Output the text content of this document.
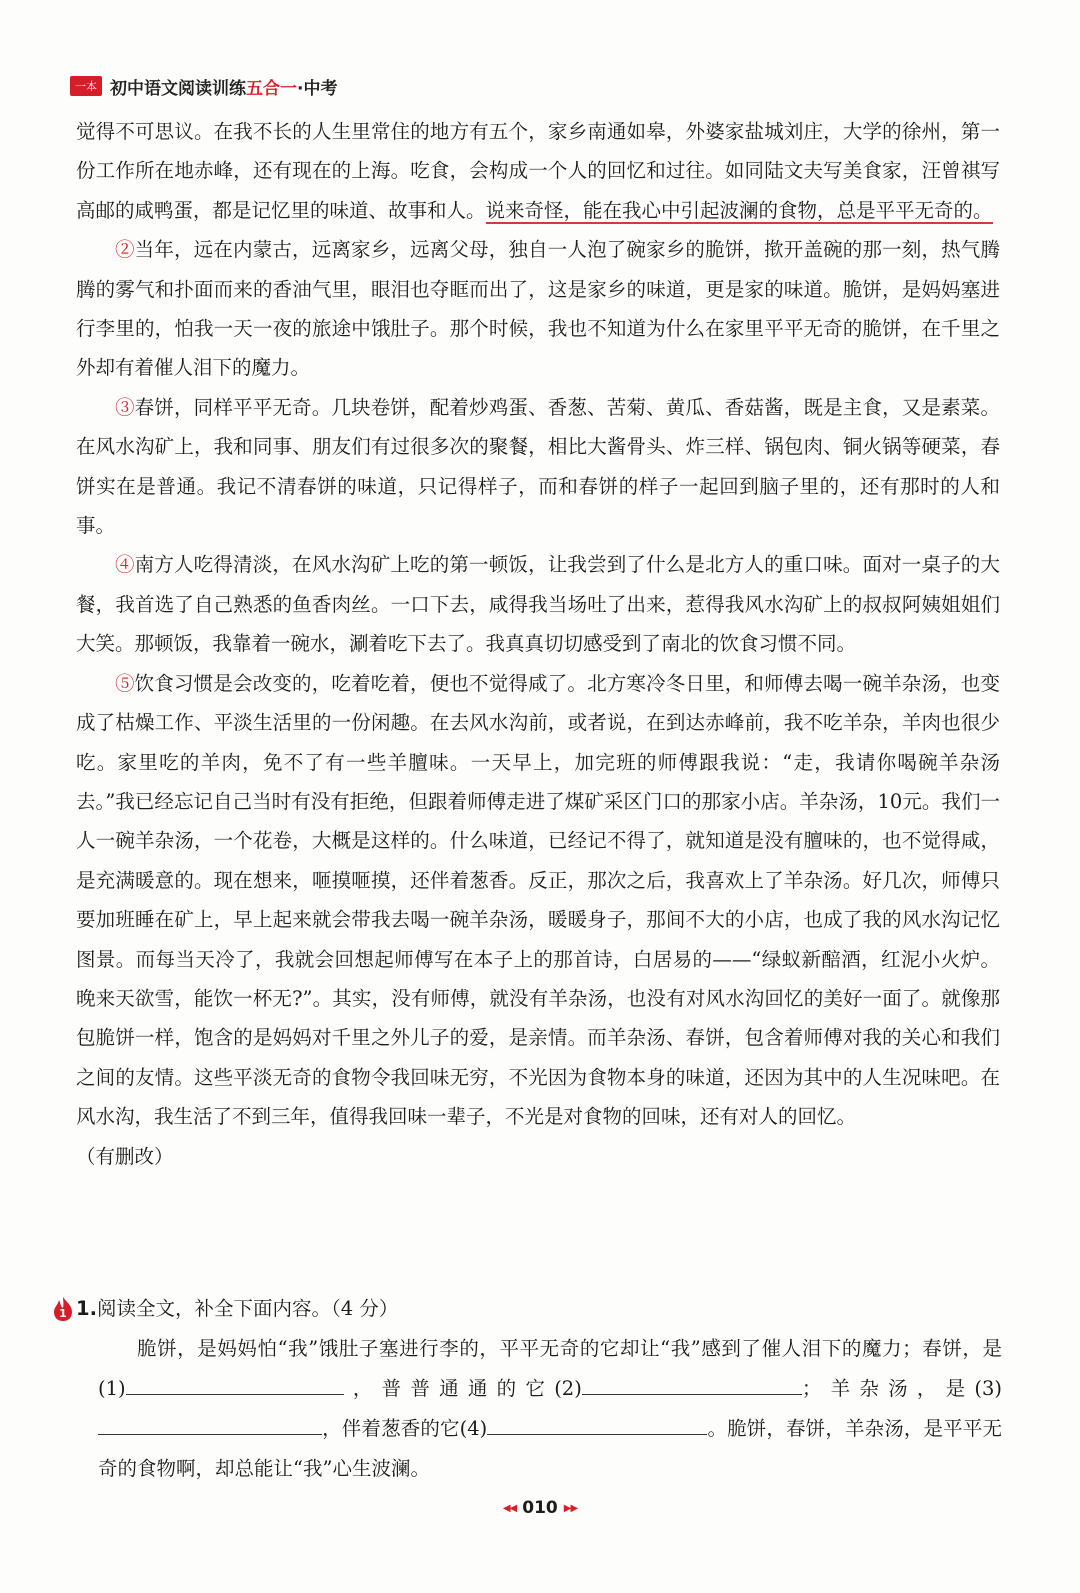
一本 初中语文阅读训练五合一·中考

觉得不可思议。在我不长的人生里常住的地方有五个，家乡南通如皋，外婆家盐城刘庄，大学的徐州，第一份工作所在地赤峰，还有现在的上海。吃食，会构成一个人的回忆和过往。如同陆文夫写美食家，汪曾祺写高邮的咸鸭蛋，都是记忆里的味道、故事和人。说来奇怪，能在我心中引起波澜的食物，总是平平无奇的。

②当年，远在内蒙古，远离家乡，远离父母，独自一人泡了碗家乡的脆饼，揿开盖碗的那一刻，热气腾腾的雾气和扑面而来的香油气里，眼泪也夺眶而出了，这是家乡的味道，更是家的味道。脆饼，是妈妈塞进行李里的，怕我一天一夜的旅途中饿肚子。那个时候，我也不知道为什么在家里平平无奇的脆饼，在千里之外却有着催人泪下的魔力。

③春饼，同样平平无奇。几块卷饼，配着炒鸡蛋、香葱、苦菊、黄瓜、香菇酱，既是主食，又是素菜。在风水沟矿上，我和同事、朋友们有过很多次的聚餐，相比大酱骨头、炸三样、锅包肉、铜火锅等硬菜，春饼实在是普通。我记不清春饼的味道，只记得样子，而和春饼的样子一起回到脑子里的，还有那时的人和事。

④南方人吃得清淡，在风水沟矿上吃的第一顿饭，让我尝到了什么是北方人的重口味。面对一桌子的大餐，我首选了自己熟悉的鱼香肉丝。一口下去，咸得我当场吐了出来，惹得我风水沟矿上的叔叔阿姨姐姐们大笑。那顿饭，我靠着一碗水，涮着吃下去了。我真真切切感受到了南北的饮食习惯不同。

⑤饮食习惯是会改变的，吃着吃着，便也不觉得咸了。北方寒冷冬日里，和师傅去喝一碗羊杂汤，也变成了枯燥工作、平淡生活里的一份闲趣。在去风水沟前，或者说，在到达赤峰前，我不吃羊杂，羊肉也很少吃。家里吃的羊肉，免不了有一些羊膻味。一天早上，加完班的师傅跟我说：“走，我请你喝碗羊杂汤去。”我已经忘记自己当时有没有拒绝，但跟着师傅走进了煤矿采区门口的那家小店。羊杂汤，10元。我们一人一碗羊杂汤，一个花卷，大概是这样的。什么味道，已经记不得了，就知道是没有膻味的，也不觉得咸，是充满暖意的。现在想来，咂摸咂摸，还伴着葱香。反正，那次之后，我喜欢上了羊杂汤。好几次，师傅只要加班睡在矿上，早上起来就会带我去喝一碗羊杂汤，暖暖身子，那间不大的小店，也成了我的风水沟记忆图景。而每当天冷了，我就会回想起师傅写在本子上的那首诗，白居易的——“绿蚁新醅酒，红泥小火炉。晚来天欲雪，能饮一杯无?”。其实，没有师傅，就没有羊杂汤，也没有对风水沟回忆的美好一面了。就像那包脆饼一样，饱含的是妈妈对千里之外儿子的爱，是亲情。而羊杂汤、春饼，包含着师傅对我的关心和我们之间的友情。这些平淡无奇的食物令我回味无穷，不光因为食物本身的味道，还因为其中的人生况味吧。在风水沟，我生活了不到三年，值得我回味一辈子，不光是对食物的回味，还有对人的回忆。

（有删改）

1 1. 阅读全文，补全下面内容。（4 分）

脆饼，是妈妈怕“我”饿肚子塞进行李的，平平无奇的它却让“我”感到了催人泪下的魔力；春饼，是(1)	，普普通通的它(2)	；羊杂汤，是(3)，伴着葱香的它(4)	。脆饼，春饼，羊杂汤，是平平无奇的食物啊，却总能让“我”心生波澜。

◀◀ 010 ▶▶
